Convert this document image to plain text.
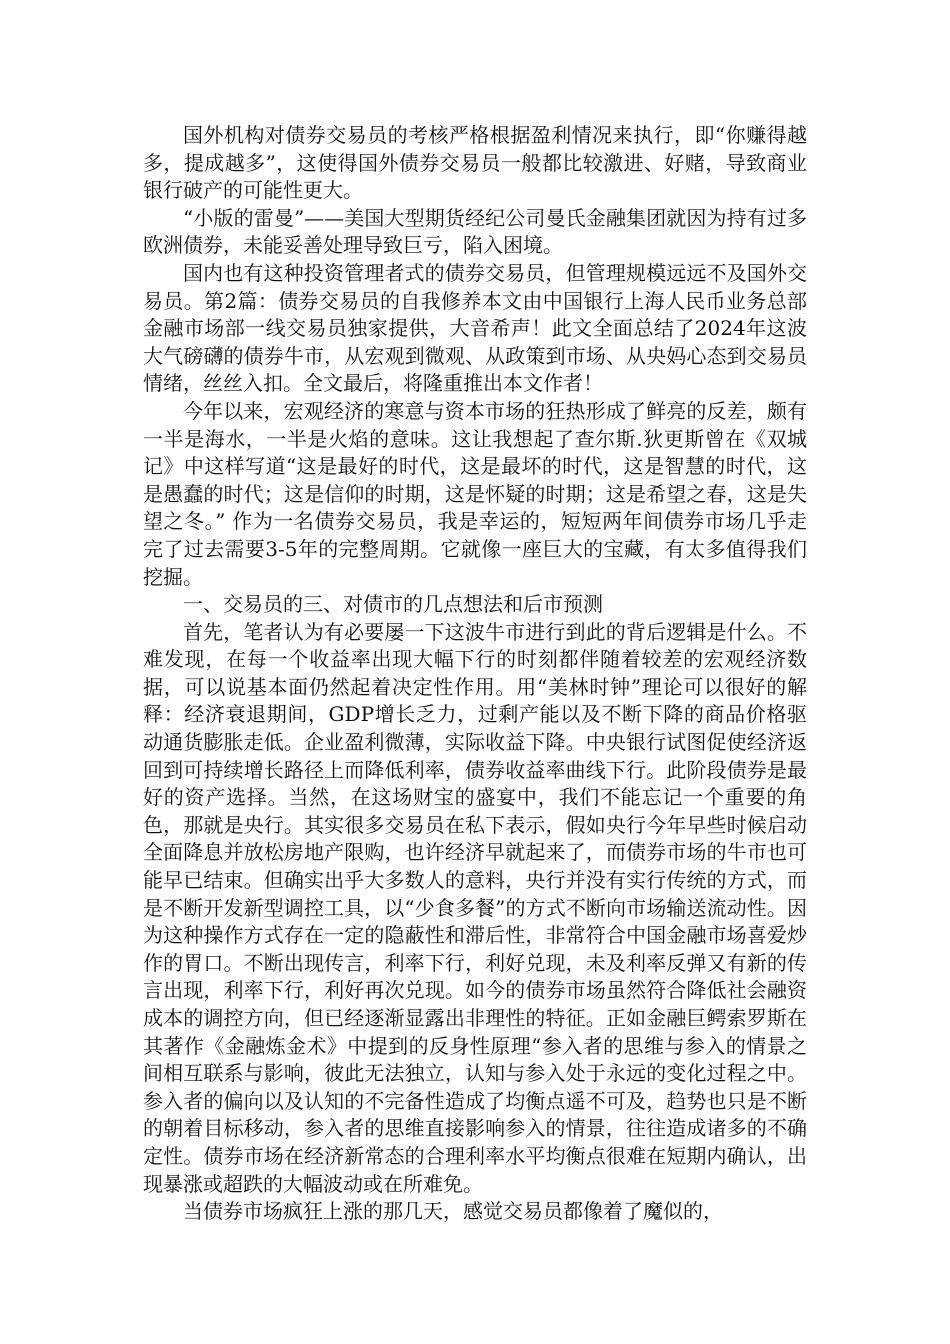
国外机构对债券交易员的考核严格根据盈利情况来执行，即“你赚得越多，提成越多”，这使得国外债券交易员一般都比较激进、好赌，导致商业银行破产的可能性更大。

“小版的雷曼”——美国大型期货经纪公司曼氏金融集团就因为持有过多欧洲债券，未能妥善处理导致巨亏，陷入困境。

国内也有这种投资管理者式的债券交易员，但管理规模远远不及国外交易员。第2篇：债券交易员的自我修养本文由中国银行上海人民币业务总部金融市场部一线交易员独家提供，大音希声！此文全面总结了2024年这波大气磅礴的债券牛市，从宏观到微观、从政策到市场、从央妈心态到交易员情绪，丝丝入扣。全文最后，将隆重推出本文作者！

今年以来，宏观经济的寒意与资本市场的狂热形成了鲜亮的反差，颇有一半是海水，一半是火焰的意味。这让我想起了查尔斯.狄更斯曾在《双城记》中这样写道“这是最好的时代，这是最坏的时代，这是智慧的时代，这是愚蠢的时代；这是信仰的时期，这是怀疑的时期；这是希望之春，这是失望之冬。” 作为一名债券交易员，我是幸运的，短短两年间债券市场几乎走完了过去需要3-5年的完整周期。它就像一座巨大的宝藏，有太多值得我们挖掘。

一、交易员的三、对债市的几点想法和后市预测

首先，笔者认为有必要屡一下这波牛市进行到此的背后逻辑是什么。不难发现，在每一个收益率出现大幅下行的时刻都伴随着较差的宏观经济数据，可以说基本面仍然起着决定性作用。用“美林时钟”理论可以很好的解释：经济衰退期间，GDP增长乏力，过剩产能以及不断下降的商品价格驱动通货膨胀走低。企业盈利微薄，实际收益下降。中央银行试图促使经济返回到可持续增长路径上而降低利率，债券收益率曲线下行。此阶段债券是最好的资产选择。当然，在这场财宝的盛宴中，我们不能忘记一个重要的角色，那就是央行。其实很多交易员在私下表示，假如央行今年早些时候启动全面降息并放松房地产限购，也许经济早就起来了，而债券市场的牛市也可能早已结束。但确实出乎大多数人的意料，央行并没有实行传统的方式，而是不断开发新型调控工具，以“少食多餐”的方式不断向市场输送流动性。因为这种操作方式存在一定的隐蔽性和滞后性，非常符合中国金融市场喜爱炒作的胃口。不断出现传言，利率下行，利好兑现，未及利率反弹又有新的传言出现，利率下行，利好再次兑现。如今的债券市场虽然符合降低社会融资成本的调控方向，但已经逐渐显露出非理性的特征。正如金融巨鳄索罗斯在其著作《金融炼金术》中提到的反身性原理“参入者的思维与参入的情景之间相互联系与影响，彼此无法独立，认知与参入处于永远的变化过程之中。参入者的偏向以及认知的不完备性造成了均衡点遥不可及，趋势也只是不断的朝着目标移动，参入者的思维直接影响参入的情景，往往造成诸多的不确定性。债券市场在经济新常态的合理利率水平均衡点很难在短期内确认，出现暴涨或超跌的大幅波动或在所难免。

当债券市场疯狂上涨的那几天，感觉交易员都像着了魔似的，
